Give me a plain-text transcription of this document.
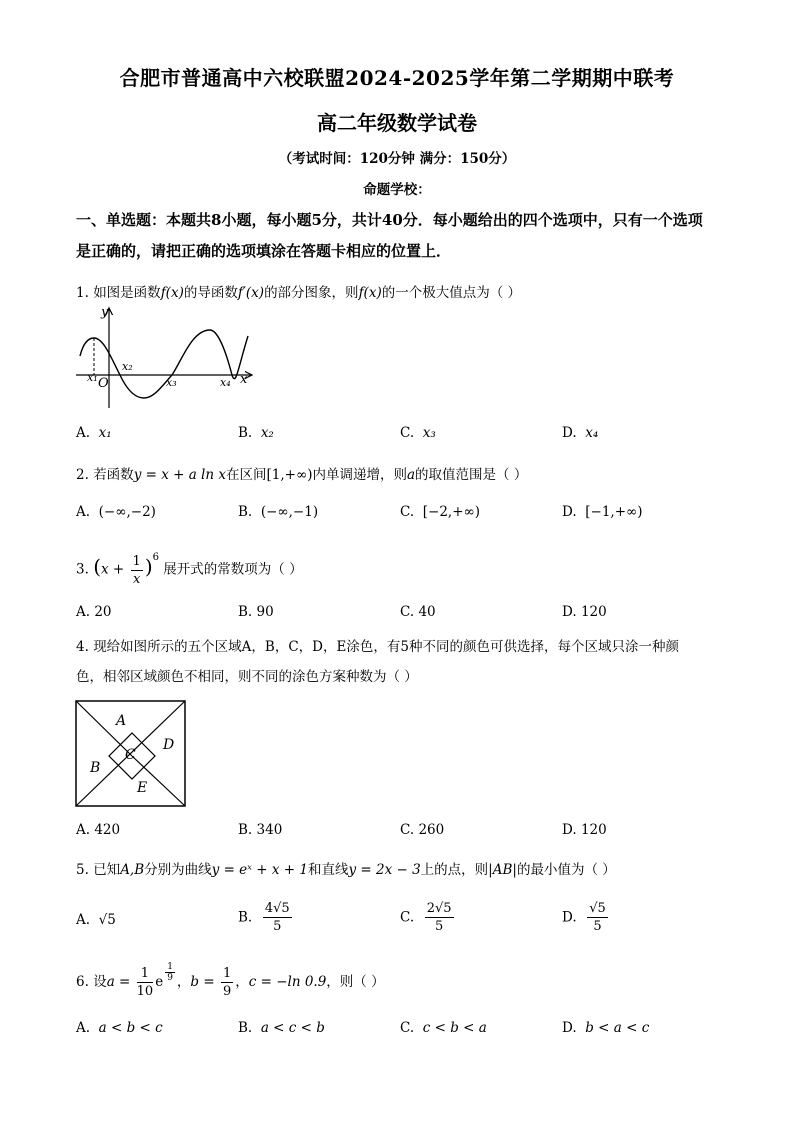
合肥市普通高中六校联盟2024-2025学年第二学期期中联考
高二年级数学试卷
（考试时间：120分钟 满分：150分）
命题学校：
一、单选题：本题共8小题，每小题5分，共计40分．每小题给出的四个选项中，只有一个选项是正确的，请把正确的选项填涂在答题卡相应的位置上．
1. 如图是函数f(x)的导函数f′(x)的部分图象，则f(x)的一个极大值点为（ ）
y
x
O
x₁
x₂
x₃	x₄
A. x₁	B. x₂	C. x₃	D. x₄
2. 若函数y = x + a ln x在区间[1,+∞)内单调递增，则a的取值范围是（ ）
A. (−∞,−2)	B. (−∞,−1)	C. [−2,+∞)	D. [−1,+∞)
3. $(x + \frac{1}{x} )^6$ 展开式的常数项为（ ）
A. 20	B. 90	C. 40	D. 120
4. 现给如图所示的五个区域A，B，C，D，E涂色，有5种不同的颜色可供选择，每个区域只涂一种颜
色，相邻区域颜色不相同，则不同的涂色方案种数为（ ）
A
B
C
D
E
A. 420	B. 340	C. 260	D. 120
5. 已知A,B分别为曲线y = eˣ + x + 1和直线y = 2x − 3上的点，则|AB|的最小值为（ ）
A. √5	B. $\frac{4√5}{5}$	C. $\frac{2√5}{5}$	D. $\frac{√5}{5}$
6. 设$a = \frac{1}{10}$ e $\frac{1}{9}$ ，$b = \frac{1}{9}$ ，c = −ln 0.9，则（ ）
A. a < b < c	B. a < c < b	C. c < b < a	D. b < a < c
